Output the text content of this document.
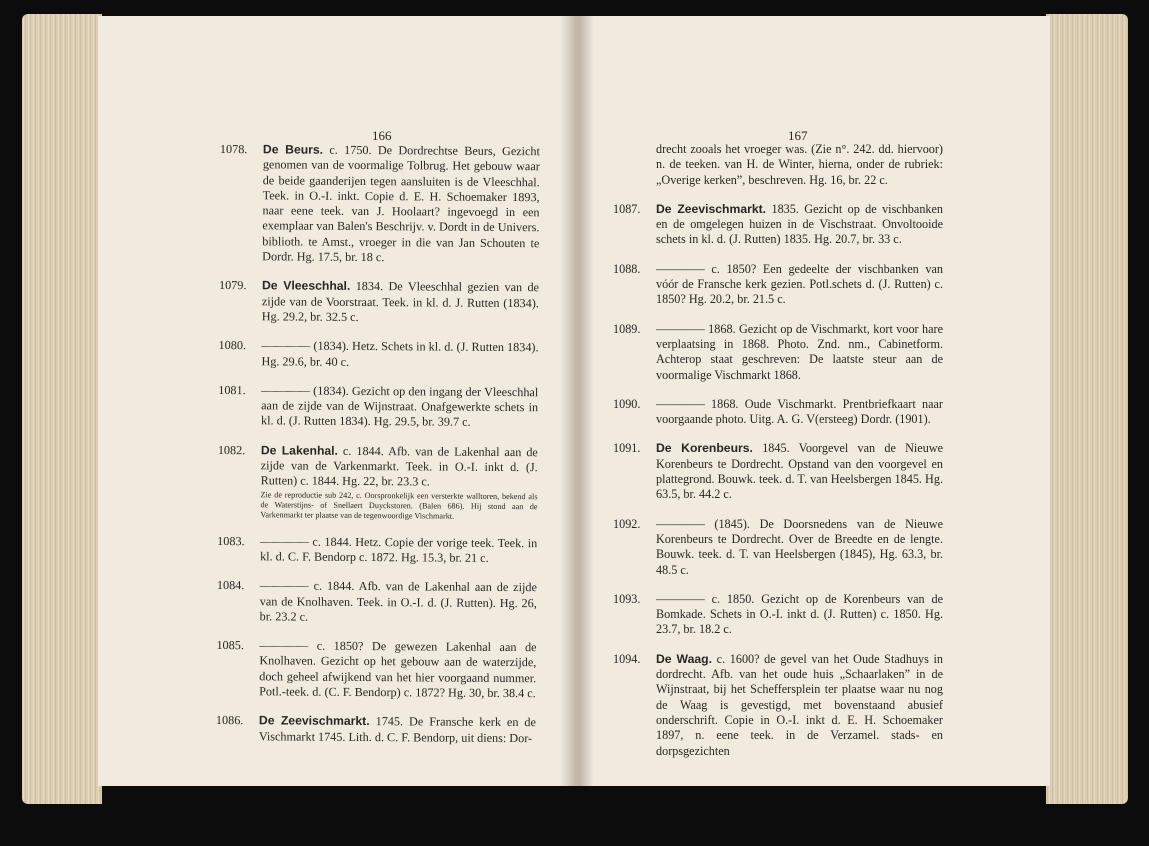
166	167
1078.	De Beurs. c. 1750. De Dordrechtse Beurs, Gezicht genomen van de voormalige Tolbrug. Het gebouw waar de beide gaanderijen tegen aansluiten is de Vleeschhal. Teek. in O.-I. inkt. Copie d. E. H. Schoemaker 1893, naar eene teek. van J. Hoolaart? ingevoegd in een exemplaar van Balen's Beschrijv. v. Dordt in de Univers. biblioth. te Amst., vroeger in die van Jan Schouten te Dordr. Hg. 17.5, br. 18 c.
1079.	De Vleeschhal. 1834. De Vleeschhal gezien van de zijde van de Voorstraat. Teek. in kl. d. J. Rutten (1834). Hg. 29.2, br. 32.5 c.
1080.	———— (1834). Hetz. Schets in kl. d. (J. Rutten 1834). Hg. 29.6, br. 40 c.
1081.	———— (1834). Gezicht op den ingang der Vleeschhal aan de zijde van de Wijnstraat. Onafgewerkte schets in kl. d. (J. Rutten 1834). Hg. 29.5, br. 39.7 c.
1082.	De Lakenhal. c. 1844. Afb. van de Lakenhal aan de zijde van de Varkenmarkt. Teek. in O.-I. inkt d. (J. Rutten) c. 1844. Hg. 22, br. 23.3 c.
Zie de reproductie sub 242, c. Oorspronkelijk een versterkte walltoren, bekend als de Waterstijns- of Snellaert Duyckstoren. (Balen 686). Hij stond aan de Varkenmarkt ter plaatse van de tegenwoordige Vischmarkt.
1083.	———— c. 1844. Hetz. Copie der vorige teek. Teek. in kl. d. C. F. Bendorp c. 1872. Hg. 15.3, br. 21 c.
1084.	———— c. 1844. Afb. van de Lakenhal aan de zijde van de Knolhaven. Teek. in O.-I. d. (J. Rutten). Hg. 26, br. 23.2 c.
1085.	———— c. 1850? De gewezen Lakenhal aan de Knolhaven. Gezicht op het gebouw aan de waterzijde, doch geheel afwijkend van het hier voorgaand nummer. Potl.-teek. d. (C. F. Bendorp) c. 1872? Hg. 30, br. 38.4 c.
1086.	De Zeevischmarkt. 1745. De Fransche kerk en de Vischmarkt 1745. Lith. d. C. F. Bendorp, uit diens: Dor-
drecht zooals het vroeger was. (Zie n°. 242. dd. hiervoor) n. de teeken. van H. de Winter, hierna, onder de rubriek: „Overige kerken”, beschreven. Hg. 16, br. 22 c.
1087.	De Zeevischmarkt. 1835. Gezicht op de vischbanken en de omgelegen huizen in de Vischstraat. Onvoltooide schets in kl. d. (J. Rutten) 1835. Hg. 20.7, br. 33 c.
1088.	———— c. 1850? Een gedeelte der vischbanken van vóór de Fransche kerk gezien. Potl.schets d. (J. Rutten) c. 1850? Hg. 20.2, br. 21.5 c.
1089.	———— 1868. Gezicht op de Vischmarkt, kort voor hare verplaatsing in 1868. Photo. Znd. nm., Cabinetform. Achterop staat geschreven: De laatste steur aan de voormalige Vischmarkt 1868.
1090.	———— 1868. Oude Vischmarkt. Prentbriefkaart naar voorgaande photo. Uitg. A. G. V(ersteeg) Dordr. (1901).
1091.	De Korenbeurs. 1845. Voorgevel van de Nieuwe Korenbeurs te Dordrecht. Opstand van den voorgevel en plattegrond. Bouwk. teek. d. T. van Heelsbergen 1845. Hg. 63.5, br. 44.2 c.
1092.	———— (1845). De Doorsnedens van de Nieuwe Korenbeurs te Dordrecht. Over de Breedte en de lengte. Bouwk. teek. d. T. van Heelsbergen (1845), Hg. 63.3, br. 48.5 c.
1093.	———— c. 1850. Gezicht op de Korenbeurs van de Bomkade. Schets in O.-I. inkt d. (J. Rutten) c. 1850. Hg. 23.7, br. 18.2 c.
1094.	De Waag. c. 1600? de gevel van het Oude Stadhuys in dordrecht. Afb. van het oude huis „Schaarlaken” in de Wijnstraat, bij het Scheffersplein ter plaatse waar nu nog de Waag is gevestigd, met bovenstaand abusief onderschrift. Copie in O.-I. inkt d. E. H. Schoemaker 1897, n. eene teek. in de Verzamel. stads- en dorpsgezichten
